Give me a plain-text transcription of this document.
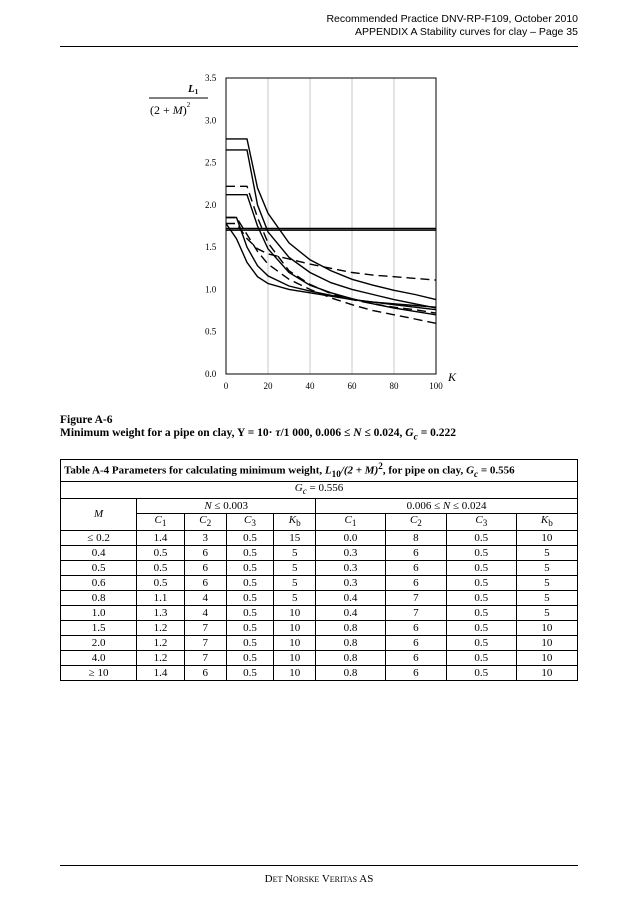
Recommended Practice DNV-RP-F109, October 2010
APPENDIX A Stability curves for clay – Page 35
0.0
0.5
1.0
1.5
2.0
2.5
3.0
3.5
0	20	40	60	80	100
L1
$(2 + M)^2$
K
Figure A-6
Minimum weight for a pipe on clay, Y = 10· τ/1 000, 0.006 ≤ N ≤ 0.024, $G_c = 0.222$
Table A-4 Parameters for calculating minimum weight, $L_{10}/(2 + M)^2$, for pipe on clay, $G_c = 0.556$								
$G_c = 0.556$								
M	N ≤ 0.003				0.006 ≤ N ≤ 0.024			
	$C_1$	$C_2$	$C_3$	$K_b$	$C_1$	$C_2$	$C_3$	$K_b$
≤ 0.2	1.4	3	0.5	15	0.0	8	0.5	10
0.4	0.5	6	0.5	5	0.3	6	0.5	5
0.5	0.5	6	0.5	5	0.3	6	0.5	5
0.6	0.5	6	0.5	5	0.3	6	0.5	5
0.8	1.1	4	0.5	5	0.4	7	0.5	5
1.0	1.3	4	0.5	10	0.4	7	0.5	5
1.5	1.2	7	0.5	10	0.8	6	0.5	10
2.0	1.2	7	0.5	10	0.8	6	0.5	10
4.0	1.2	7	0.5	10	0.8	6	0.5	10
≥ 10	1.4	6	0.5	10	0.8	6	0.5	10
Det Norske Veritas AS
